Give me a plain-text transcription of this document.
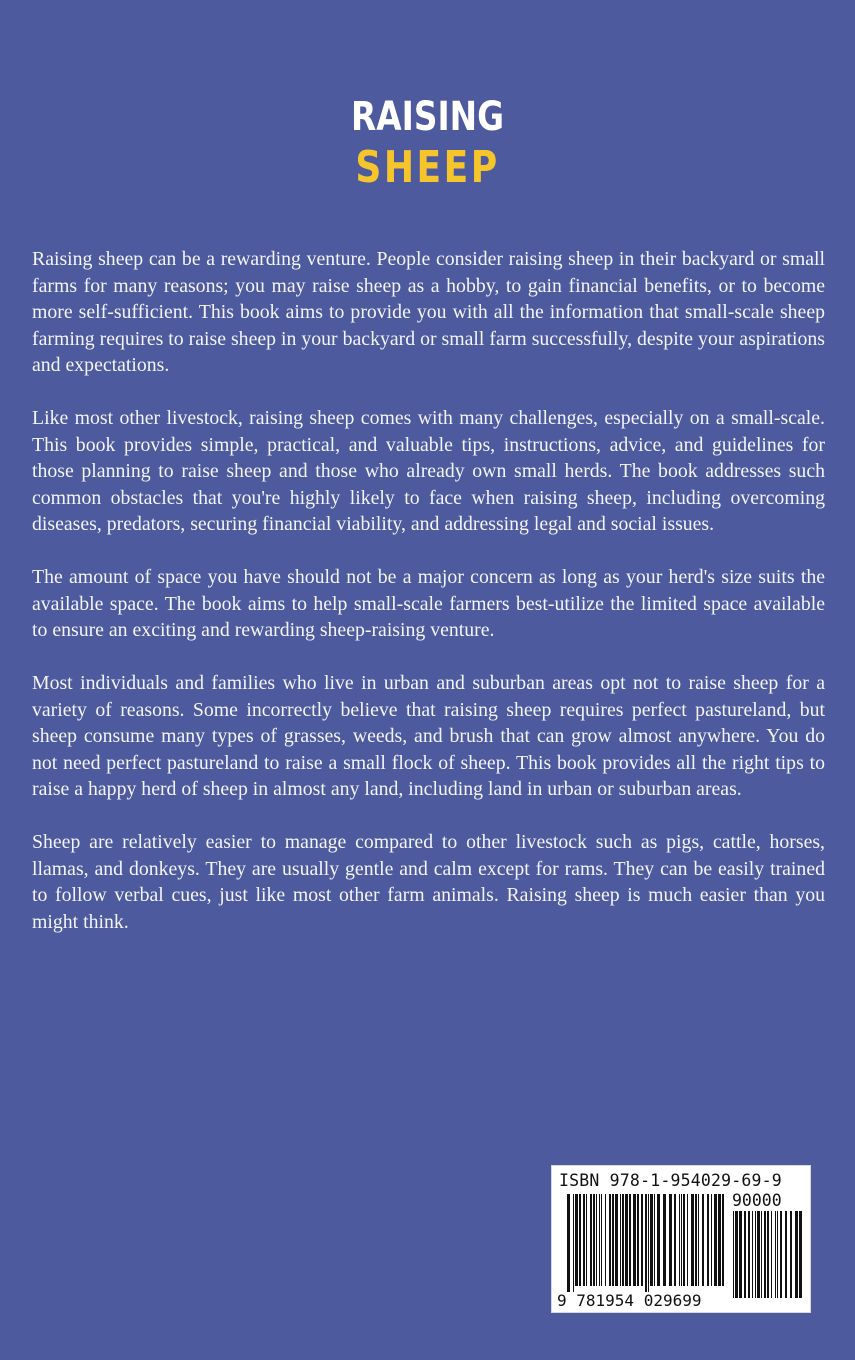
RAISING
SHEEP

Raising sheep can be a rewarding venture. People consider raising sheep in their backyard or small farms for many reasons; you may raise sheep as a hobby, to gain financial benefits, or to become more self-sufficient. This book aims to provide you with all the information that small-scale sheep farming requires to raise sheep in your backyard or small farm successfully, despite your aspirations and expectations.

Like most other livestock, raising sheep comes with many challenges, especially on a small-scale. This book provides simple, practical, and valuable tips, instructions, advice, and guidelines for those planning to raise sheep and those who already own small herds. The book addresses such common obstacles that you're highly likely to face when raising sheep, including overcoming diseases, predators, securing financial viability, and addressing legal and social issues.

The amount of space you have should not be a major concern as long as your herd's size suits the available space. The book aims to help small-scale farmers best-utilize the limited space available to ensure an exciting and rewarding sheep-raising venture.

Most individuals and families who live in urban and suburban areas opt not to raise sheep for a variety of reasons. Some incorrectly believe that raising sheep requires perfect pastureland, but sheep consume many types of grasses, weeds, and brush that can grow almost anywhere. You do not need perfect pastureland to raise a small flock of sheep. This book provides all the right tips to raise a happy herd of sheep in almost any land, including land in urban or suburban areas.

Sheep are relatively easier to manage compared to other livestock such as pigs, cattle, horses, llamas, and donkeys. They are usually gentle and calm except for rams. They can be easily trained to follow verbal cues, just like most other farm animals. Raising sheep is much easier than you might think.

ISBN 978-1-954029-69-9
90000
9 781954 029699
